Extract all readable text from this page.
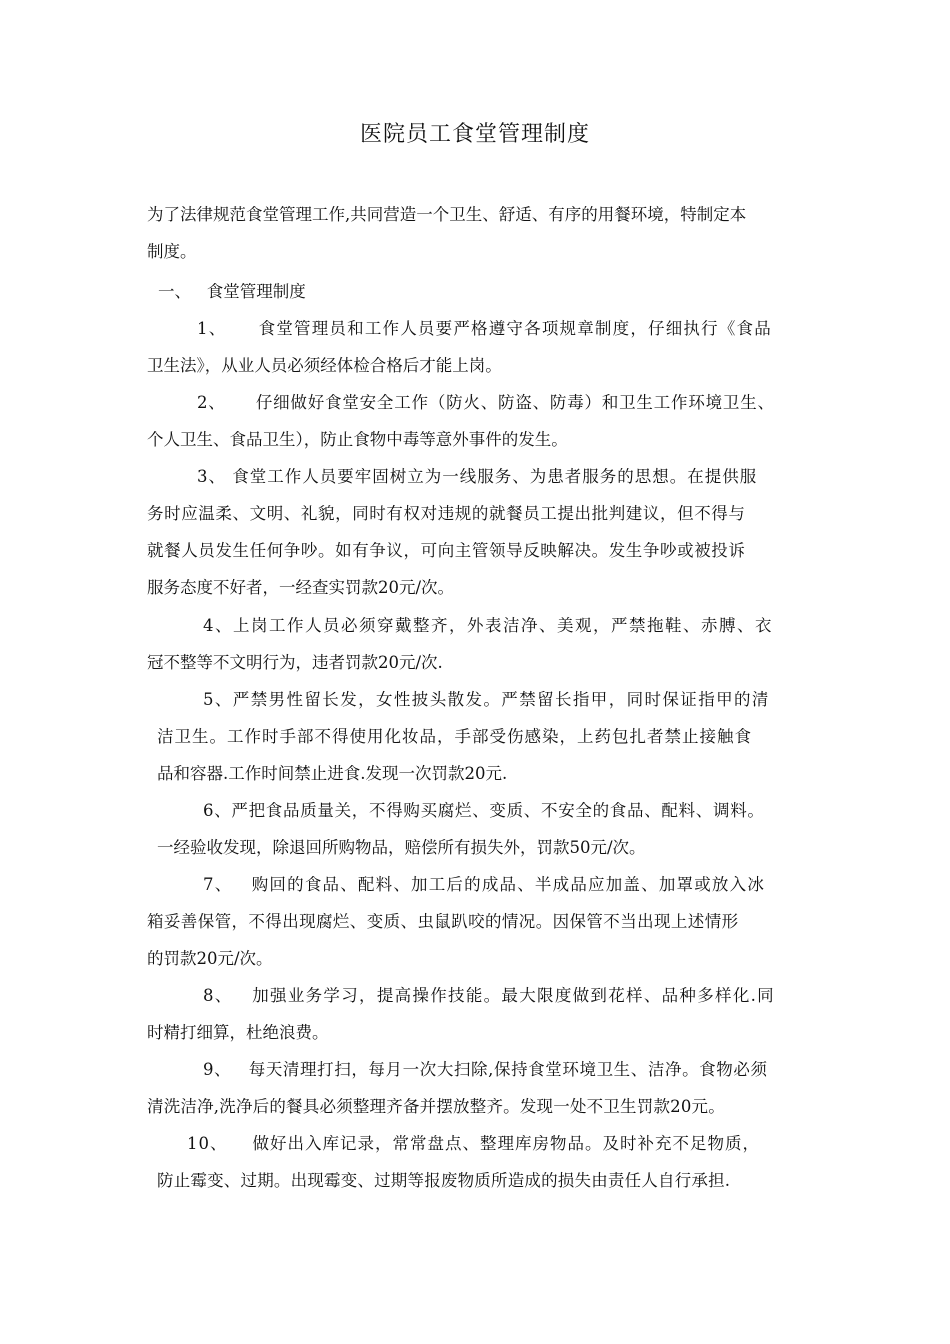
医院员工食堂管理制度

为了法律规范食堂管理工作,共同营造一个卫生、舒适、有序的用餐环境，特制定本
制度。

一、   食堂管理制度

1、     食堂管理员和工作人员要严格遵守各项规章制度，仔细执行《食品
卫生法》，从业人员必须经体检合格后才能上岗。

2、     仔细做好食堂安全工作（防火、防盗、防毒）和卫生工作环境卫生、
个人卫生、食品卫生），防止食物中毒等意外事件的发生。

3、 食堂工作人员要牢固树立为一线服务、为患者服务的思想。在提供服
务时应温柔、文明、礼貌，同时有权对违规的就餐员工提出批判建议，但不得与
就餐人员发生任何争吵。如有争议，可向主管领导反映解决。发生争吵或被投诉
服务态度不好者，一经查实罚款20元/次。

4、上岗工作人员必须穿戴整齐，外表洁净、美观，严禁拖鞋、赤膊、衣
冠不整等不文明行为，违者罚款20元/次.

5、严禁男性留长发，女性披头散发。严禁留长指甲，同时保证指甲的清
洁卫生。工作时手部不得使用化妆品，手部受伤感染，上药包扎者禁止接触食
品和容器.工作时间禁止进食.发现一次罚款20元.

6、严把食品质量关，不得购买腐烂、变质、不安全的食品、配料、调料。
一经验收发现，除退回所购物品，赔偿所有损失外，罚款50元/次。

7、   购回的食品、配料、加工后的成品、半成品应加盖、加罩或放入冰
箱妥善保管，不得出现腐烂、变质、虫鼠趴咬的情况。因保管不当出现上述情形
的罚款20元/次。

8、   加强业务学习，提高操作技能。最大限度做到花样、品种多样化.同
时精打细算，杜绝浪费。

9、   每天清理打扫，每月一次大扫除,保持食堂环境卫生、洁净。食物必须
清洗洁净,洗净后的餐具必须整理齐备并摆放整齐。发现一处不卫生罚款20元。

10、    做好出入库记录，常常盘点、整理库房物品。及时补充不足物质，
防止霉变、过期。出现霉变、过期等报废物质所造成的损失由责任人自行承担.
